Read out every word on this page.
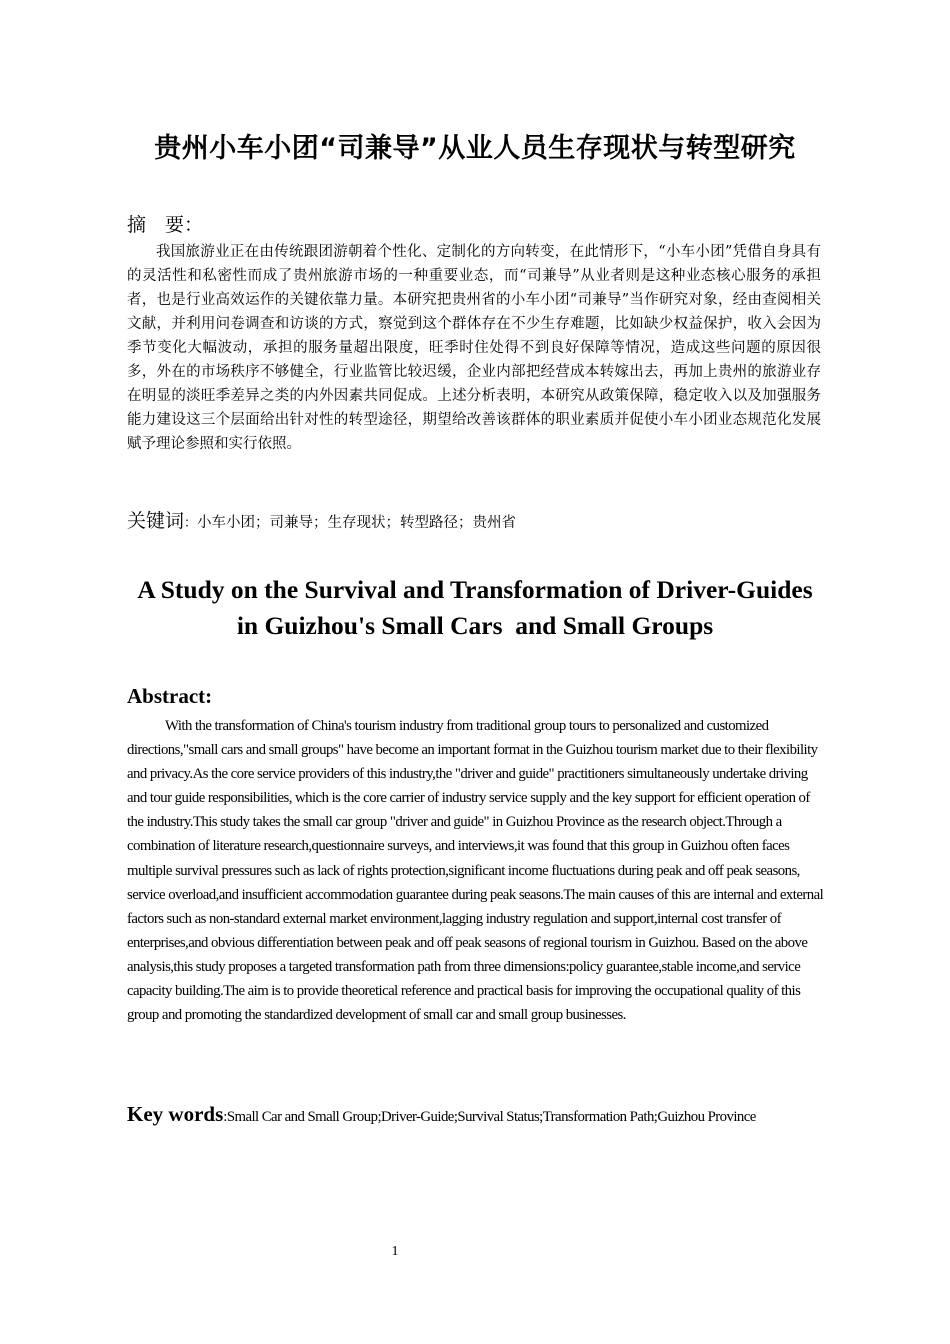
贵州小车小团“司兼导”从业人员生存现状与转型研究
摘　要：
我国旅游业正在由传统跟团游朝着个性化、定制化的方向转变，在此情形下，“小车小团”凭借自身具有的灵活性和私密性而成了贵州旅游市场的一种重要业态，而“司兼导”从业者则是这种业态核心服务的承担者，也是行业高效运作的关键依靠力量。本研究把贵州省的小车小团“司兼导”当作研究对象，经由查阅相关文献，并利用问卷调查和访谈的方式，察觉到这个群体存在不少生存难题，比如缺少权益保护，收入会因为季节变化大幅波动，承担的服务量超出限度，旺季时住处得不到良好保障等情况，造成这些问题的原因很多，外在的市场秩序不够健全，行业监管比较迟缓，企业内部把经营成本转嫁出去，再加上贵州的旅游业存在明显的淡旺季差异之类的内外因素共同促成。上述分析表明，本研究从政策保障，稳定收入以及加强服务能力建设这三个层面给出针对性的转型途径，期望给改善该群体的职业素质并促使小车小团业态规范化发展赋予理论参照和实行依照。
关键词：小车小团；司兼导；生存现状；转型路径；贵州省
A Study on the Survival and Transformation of Driver-Guides
in Guizhou's Small Cars  and Small Groups
Abstract:
With the transformation of China's tourism industry from traditional group tours to personalized and customized directions,"small cars and small groups" have become an important format in the Guizhou tourism market due to their flexibility and privacy.As the core service providers of this industry,the "driver and guide" practitioners simultaneously undertake driving and tour guide responsibilities, which is the core carrier of industry service supply and the key support for efficient operation of the industry.This study takes the small car group "driver and guide" in Guizhou Province as the research object.Through a combination of literature research,questionnaire surveys, and interviews,it was found that this group in Guizhou often faces multiple survival pressures such as lack of rights protection,significant income fluctuations during peak and off peak seasons, service overload,and insufficient accommodation guarantee during peak seasons.The main causes of this are internal and external factors such as non-standard external market environment,lagging industry regulation and support,internal cost transfer of enterprises,and obvious differentiation between peak and off peak seasons of regional tourism in Guizhou. Based on the above analysis,this study proposes a targeted transformation path from three dimensions:policy guarantee,stable income,and service capacity building.The aim is to provide theoretical reference and practical basis for improving the occupational quality of this group and promoting the standardized development of small car and small group businesses.
Key words:Small Car and Small Group;Driver-Guide;Survival Status;Transformation Path;Guizhou Province
1
